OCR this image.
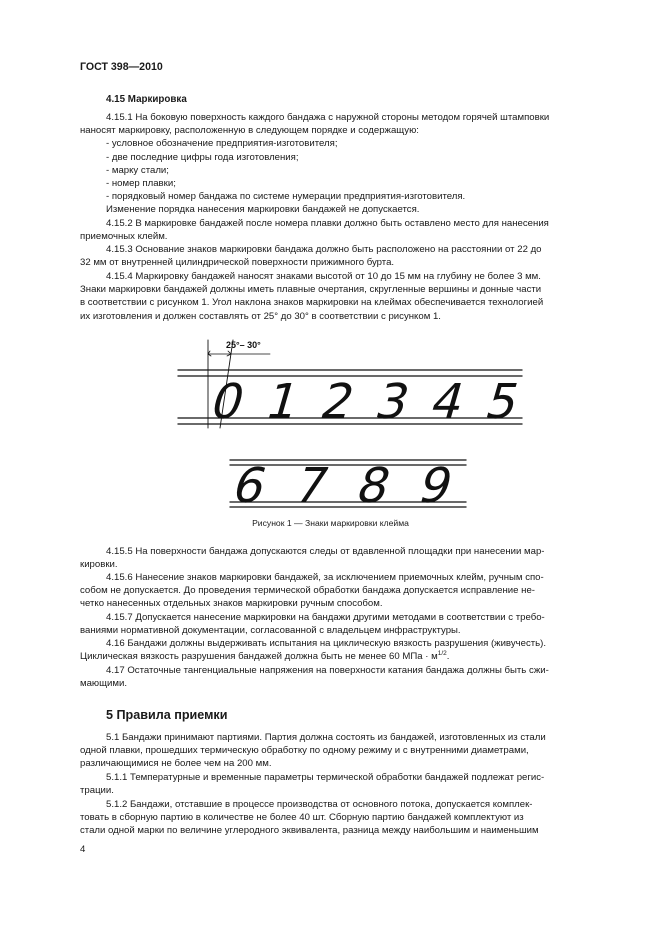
ГОСТ 398—2010
4.15 Маркировка
4.15.1 На боковую поверхность каждого бандажа с наружной стороны методом горячей штамповки
наносят маркировку, расположенную в следующем порядке и содержащую:
- условное обозначение предприятия-изготовителя;
- две последние цифры года изготовления;
- марку стали;
- номер плавки;
- порядковый номер бандажа по системе нумерации предприятия-изготовителя.
Изменение порядка нанесения маркировки бандажей не допускается.
4.15.2 В маркировке бандажей после номера плавки должно быть оставлено место для нанесения
приемочных клейм.
4.15.3 Основание знаков маркировки бандажа должно быть расположено на расстоянии от 22 до
32 мм от внутренней цилиндрической поверхности прижимного бурта.
4.15.4 Маркировку бандажей наносят знаками высотой от 10 до 15 мм на глубину не более 3 мм.
Знаки маркировки бандажей должны иметь плавные очертания, скругленные вершины и донные части
в соответствии с рисунком 1. Угол наклона знаков маркировки на клеймах обеспечивается технологией
их изготовления и должен составлять от 25° до 30° в соответствии с рисунком 1.
25°– 30°
0 1 2 3 4 5
6 7 8 9
Рисунок 1 — Знаки маркировки клейма
4.15.5 На поверхности бандажа допускаются следы от вдавленной площадки при нанесении мар-
кировки.
4.15.6 Нанесение знаков маркировки бандажей, за исключением приемочных клейм, ручным спо-
собом не допускается. До проведения термической обработки бандажа допускается исправление не-
четко нанесенных отдельных знаков маркировки ручным способом.
4.15.7 Допускается нанесение маркировки на бандажи другими методами в соответствии с требо-
ваниями нормативной документации, согласованной с владельцем инфраструктуры.
4.16 Бандажи должны выдерживать испытания на циклическую вязкость разрушения (живучесть).
Циклическая вязкость разрушения бандажей должна быть не менее 60 МПа · $м^{1/2}$.
4.17 Остаточные тангенциальные напряжения на поверхности катания бандажа должны быть сжи-
мающими.
5 Правила приемки
5.1 Бандажи принимают партиями. Партия должна состоять из бандажей, изготовленных из стали
одной плавки, прошедших термическую обработку по одному режиму и с внутренними диаметрами,
различающимися не более чем на 200 мм.
5.1.1 Температурные и временные параметры термической обработки бандажей подлежат регис-
трации.
5.1.2 Бандажи, отставшие в процессе производства от основного потока, допускается комплек-
товать в сборную партию в количестве не более 40 шт. Сборную партию бандажей комплектуют из
стали одной марки по величине углеродного эквивалента, разница между наибольшим и наименьшим
4
